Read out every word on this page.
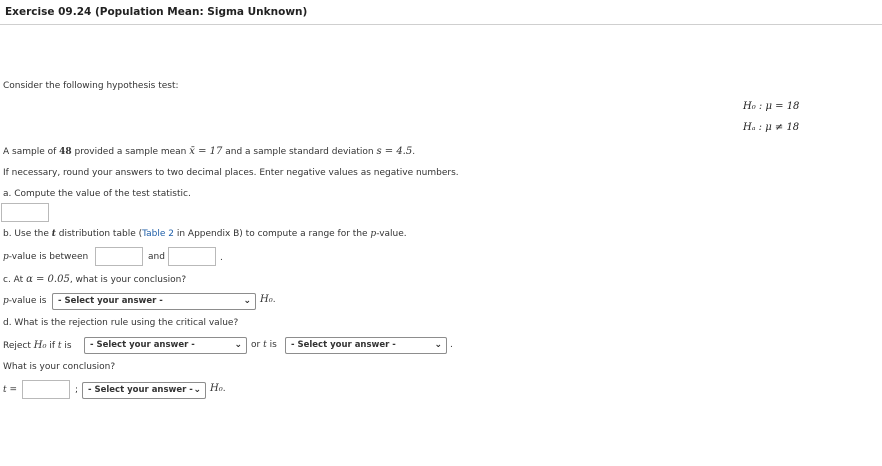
Exercise 09.24 (Population Mean: Sigma Unknown)
Consider the following hypothesis test:
H₀ : μ = 18
Hₐ : μ ≠ 18
A sample of 48 provided a sample mean x̄ = 17 and a sample standard deviation s = 4.5.
If necessary, round your answers to two decimal places. Enter negative values as negative numbers.
a. Compute the value of the test statistic.
b. Use the t distribution table (Table 2 in Appendix B) to compute a range for the p-value.
p-value is between	and	.
c. At α = 0.05, what is your conclusion?
p-value is	- Select your answer -	⌄ H₀.
d. What is the rejection rule using the critical value?
Reject H₀ if t is	- Select your answer -	⌄ or t is	- Select your answer -	⌄ .
What is your conclusion?
t =	;	- Select your answer - ⌄ H₀.
